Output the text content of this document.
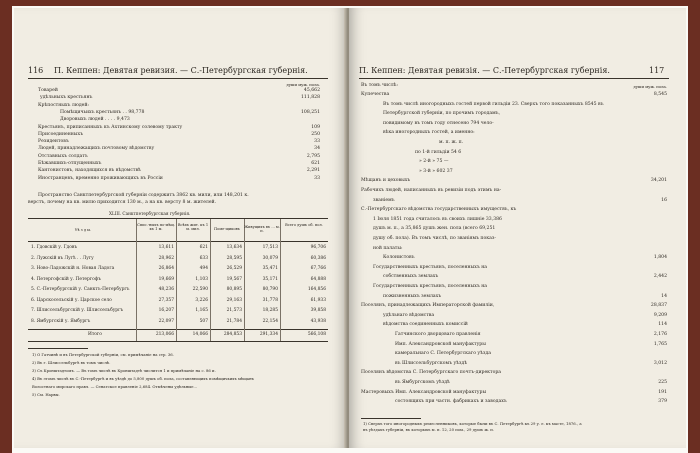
116 П. Кеппен: Девятая ревизия. — С.-Петербургская губернія.
души муж. пола.
Товарей	45,662
удѣльныхъ крестьянъ	111,828
Крѣпостныхъ людей:
Помѣщичьихъ крестьянъ . . 98,778	108,251
Дворовыхъ людей . . . . 9,473
Крестьянъ, приписанныхъ къ Ахтинскому солевому тракту	109
Присоединенныхъ	250
Резидентовъ	33
Людей, принадлежащихъ почтовому вѣдомству	34
Отставныхъ солдатъ	2,795
Бѣжавшихъ-отпущенныхъ	621
Кантонистовъ, находящихся въ вѣдомствѣ	2,291
Иностранцевъ, временно проживающихъ въ Россіи	33
Пространство Санктпетербургской губерніи содержитъ 3862 кв. мили, или 148,201 к.
верстъ, почему на кв. милю приходится 130 м., а на кв. версту 8 м. жителей.
XLIII. Санктпетербургская губернія.
Уѣ з д ы.
Спис.-ныхъ по-мѣщ. къ 1 м.
Всѣхъ жит. къ 1 м. мил.	Поме-щиковъ	Живущихъ въ ... м. п.
Всего душъ об. пол.
1. Гдовскій у. Гдовъ	13,611	621	13,634	17,513	96,706
2. Лужскій въ Лугѣ . . Лугу	28,962	633	28,595	30,079	60,386
3. Ново-Ладожскій н. Новая Ладога	26,864	494	26,529	35,471	67,766
4. Петергофскій у. Петергофъ	19,669	1,103	19,567	35,171	64,888
5. С.-Петербургскій у. Санктъ-Петербургъ	48,236	22,590	80,895	80,790	164,856
6. Царскосельскій у. Царское село	27,357	3,226	29,163	31,778	61,933
7. Шлиссельбургскій у. Шлиссельбургъ	16,207	1,165	21,573	18,285	39,858
8. Ямбургскій у. Ямбургъ	22,097	507	21,784	22,154	43,938
Итого	213,066	14,066	284,853	291,334	566,108
1) О Гатчинѣ и въ Петербургской губерніи, см. примѣчаніе на стр. 36.
2) Въ г. Шлиссельбургѣ въ томъ числѣ.
3) Съ Кронштадтомъ. — Въ томъ числѣ въ Кронштадтѣ числится 1 и примѣчаніе на с. 86 и.
4) Въ этомъ числѣ въ С.-Петербургѣ и въ уѣздѣ до 5,800 душъ об. пола, составляющихъ помѣщичьихъ мѣщанъ
Волостнаго мирскаго правл. — Сенатское правленіе 2,684. Отмѣчены удѣльные...
5) См. Нарвы.
П. Кеппен: Девятая ревизія. — С.-Петербургская губернія.	117
Въ томъ числѣ:	души муж. пола.
Купечества	8,545
Въ томъ числѣ иногородныхъ гостей первой гильдіи 23. Сверхъ того показанныхъ 8545 въ
Петербургской губерніи, по прочимъ городамъ,
повидимому въ томъ году отнесено 794 чело-
вѣка иногородныхъ гостей, а именно:
м. п. ж. п.
по 1-й гильдіи 54 6
» 2-й » 75 —
» 3-й » 602 37
Мѣщанъ и цеховыхъ	34,201
Рабочихъ людей, написанныхъ въ ревизіи подъ этимъ на-
званіемъ	16
С.-Петербургскаго вѣдомства государственныхъ имуществъ, къ
1 Іюля 1851 года считалось въ своихъ лишніе 33,386
душъ м. п., а 35,865 душъ жен. пола (всего 69,251
душу об. пола). Въ томъ числѣ, по званіямъ показ-
ной палаты:
Колонистовъ	1,804
Государственныхъ крестьянъ, поселенныхъ на
собственныхъ землахъ	2,442
Государственныхъ крестьянъ, поселенныхъ на
пожизненныхъ землахъ	14
Поселянъ, принадлежащихъ Императорской фамиліи,	28,837
удѣльнаго вѣдомства	9,209
вѣдомства соединенныхъ комиссій	114
Гатчинского дворцоваго правленія	2,176
Имп. Александровской мануфактуры	1,765
камеральнаго С. Петербургскаго уѣзда
въ Шлиссельбургскомъ уѣздѣ	3,012
Поселянъ вѣдомства С. Петербургскаго почтъ-директора
въ Ямбургскомъ уѣздѣ	225
Мастеровыхъ Имп. Александровской мануфактуры	191
состоящихъ при частн. фабрикахъ и заводахъ	379
1) Сверхъ того иногородныхъ ремесленниковъ, которые были въ С. Петербургѣ къ 29 у. е. къ масте, 1876., а
въ уѣздахъ губерніи, въ которыхъ м. п. 12, 20 пом., 29 душъ ж. п.
